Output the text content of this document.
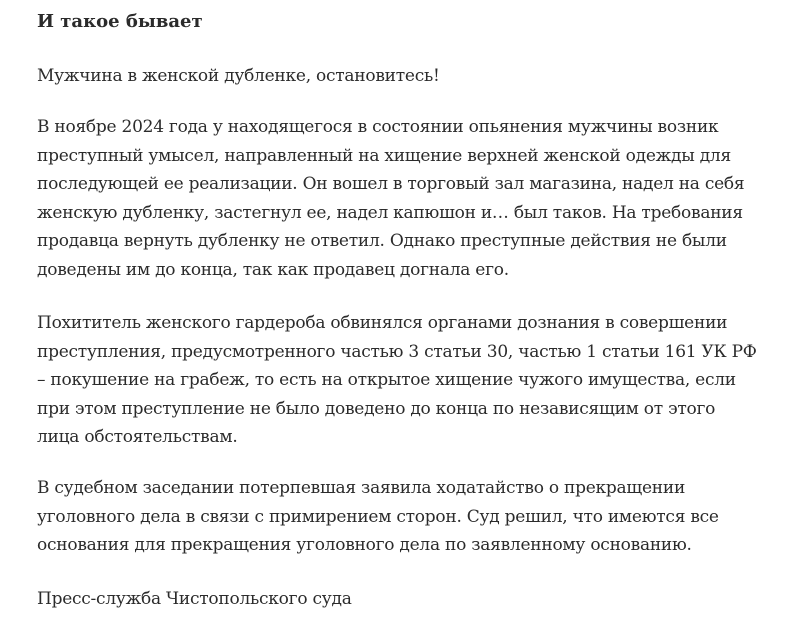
И такое бывает

Мужчина в женской дубленке, остановитесь!

В ноябре 2024 года у находящегося в состоянии опьянения мужчины возник
преступный умысел, направленный на хищение верхней женской одежды для
последующей ее реализации. Он вошел в торговый зал магазина, надел на себя
женскую дубленку, застегнул ее, надел капюшон и… был таков. На требования
продавца вернуть дубленку не ответил. Однако преступные действия не были
доведены им до конца, так как продавец догнала его.

Похититель женского гардероба обвинялся органами дознания в совершении
преступления, предусмотренного частью 3 статьи 30, частью 1 статьи 161 УК РФ
– покушение на грабеж, то есть на открытое хищение чужого имущества, если
при этом преступление не было доведено до конца по независящим от этого
лица обстоятельствам.

В судебном заседании потерпевшая заявила ходатайство о прекращении
уголовного дела в связи с примирением сторон. Суд решил, что имеются все
основания для прекращения уголовного дела по заявленному основанию.

Пресс-служба Чистопольского суда
